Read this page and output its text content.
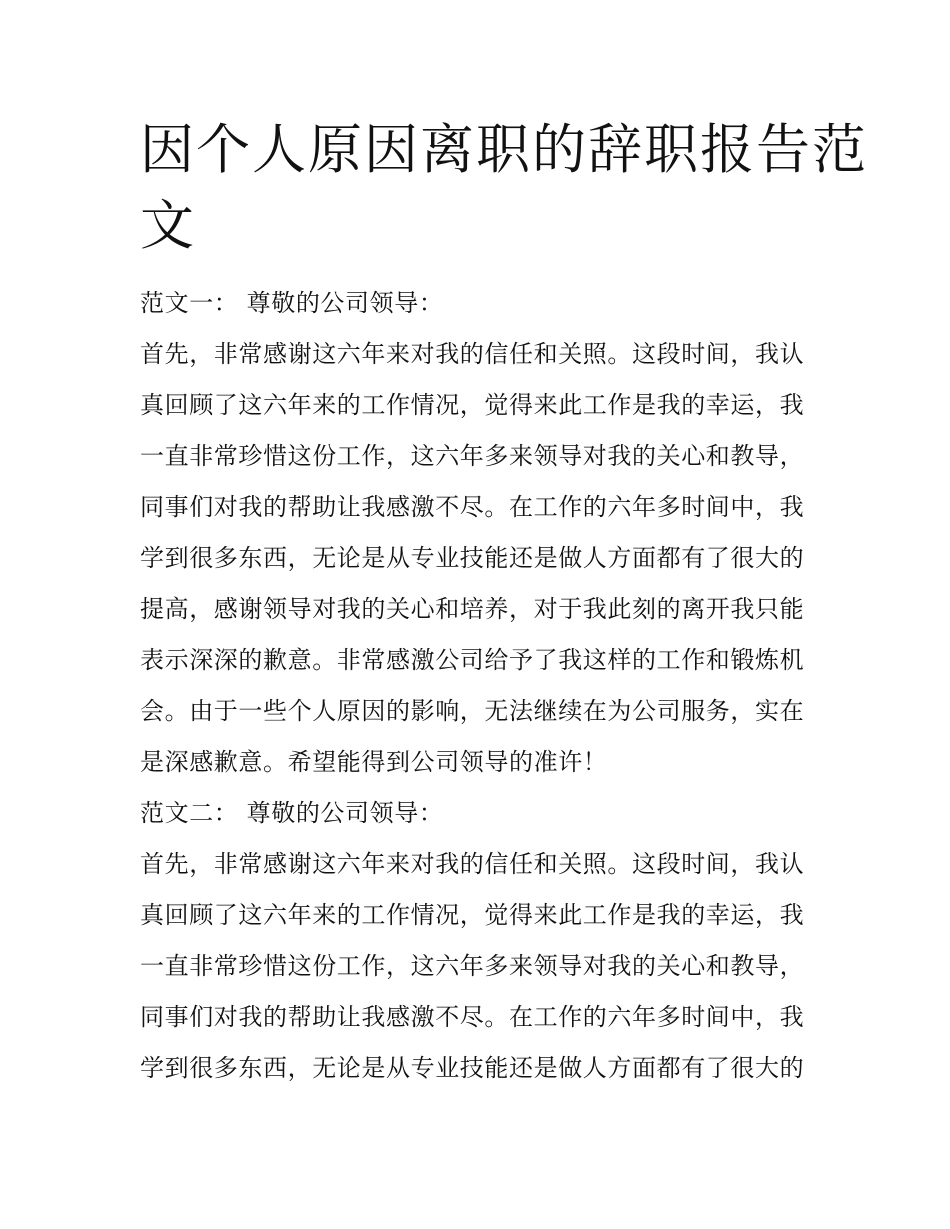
因个人原因离职的辞职报告范
文
范文一： 尊敬的公司领导：
首先，非常感谢这六年来对我的信任和关照。这段时间，我认
真回顾了这六年来的工作情况，觉得来此工作是我的幸运，我
一直非常珍惜这份工作，这六年多来领导对我的关心和教导，
同事们对我的帮助让我感激不尽。在工作的六年多时间中，我
学到很多东西，无论是从专业技能还是做人方面都有了很大的
提高，感谢领导对我的关心和培养，对于我此刻的离开我只能
表示深深的歉意。非常感激公司给予了我这样的工作和锻炼机
会。由于一些个人原因的影响，无法继续在为公司服务，实在
是深感歉意。希望能得到公司领导的准许！
范文二： 尊敬的公司领导：
首先，非常感谢这六年来对我的信任和关照。这段时间，我认
真回顾了这六年来的工作情况，觉得来此工作是我的幸运，我
一直非常珍惜这份工作，这六年多来领导对我的关心和教导，
同事们对我的帮助让我感激不尽。在工作的六年多时间中，我
学到很多东西，无论是从专业技能还是做人方面都有了很大的
